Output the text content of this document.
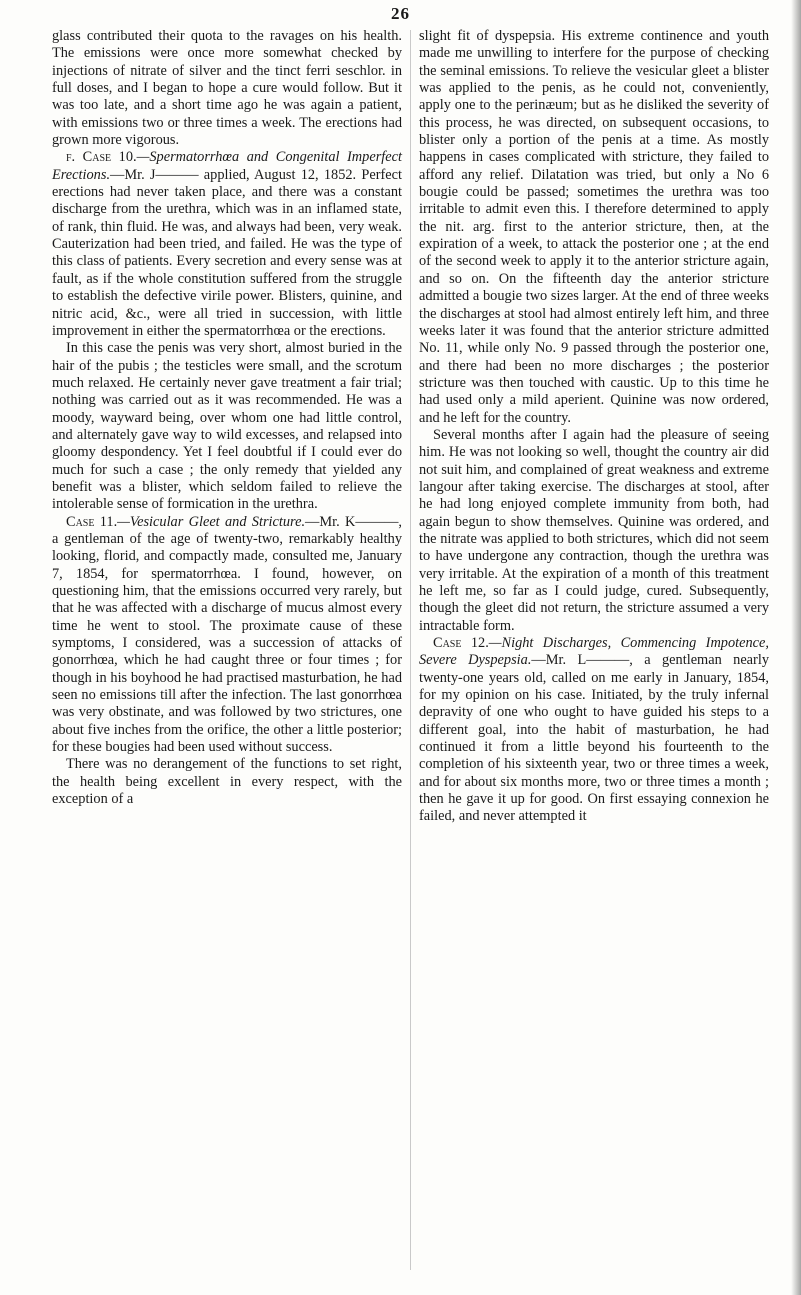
26

glass contributed their quota to the ravages on his health. The emissions were once more somewhat checked by injections of nitrate of silver and the tinct ferri seschlor. in full doses, and I began to hope a cure would follow. But it was too late, and a short time ago he was again a patient, with emissions two or three times a week. The erections had grown more vigorous.

f. Case 10.—Spermatorrhœa and Congenital Imperfect Erections.—Mr. J——— applied, August 12, 1852. Perfect erections had never taken place, and there was a constant discharge from the urethra, which was in an inflamed state, of rank, thin fluid. He was, and always had been, very weak. Cauterization had been tried, and failed. He was the type of this class of patients. Every secretion and every sense was at fault, as if the whole constitution suffered from the struggle to establish the defective virile power. Blisters, quinine, and nitric acid, &c., were all tried in succession, with little improvement in either the spermatorrhœa or the erections.

In this case the penis was very short, almost buried in the hair of the pubis ; the testicles were small, and the scrotum much relaxed. He certainly never gave treatment a fair trial; nothing was carried out as it was recommended. He was a moody, wayward being, over whom one had little control, and alternately gave way to wild excesses, and relapsed into gloomy despondency. Yet I feel doubtful if I could ever do much for such a case ; the only remedy that yielded any benefit was a blister, which seldom failed to relieve the intolerable sense of formication in the urethra.

Case 11.—Vesicular Gleet and Stricture.—Mr. K———, a gentleman of the age of twenty-two, remarkably healthy looking, florid, and compactly made, consulted me, January 7, 1854, for spermatorrhœa. I found, however, on questioning him, that the emissions occurred very rarely, but that he was affected with a discharge of mucus almost every time he went to stool. The proximate cause of these symptoms, I considered, was a succession of attacks of gonorrhœa, which he had caught three or four times ; for though in his boyhood he had practised masturbation, he had seen no emissions till after the infection. The last gonorrhœa was very obstinate, and was followed by two strictures, one about five inches from the orifice, the other a little posterior; for these bougies had been used without success.

There was no derangement of the functions to set right, the health being excellent in every respect, with the exception of a

slight fit of dyspepsia. His extreme continence and youth made me unwilling to interfere for the purpose of checking the seminal emissions. To relieve the vesicular gleet a blister was applied to the penis, as he could not, conveniently, apply one to the perinæum; but as he disliked the severity of this process, he was directed, on subsequent occasions, to blister only a portion of the penis at a time. As mostly happens in cases complicated with stricture, they failed to afford any relief. Dilatation was tried, but only a No 6 bougie could be passed; sometimes the urethra was too irritable to admit even this. I therefore determined to apply the nit. arg. first to the anterior stricture, then, at the expiration of a week, to attack the posterior one ; at the end of the second week to apply it to the anterior stricture again, and so on. On the fifteenth day the anterior stricture admitted a bougie two sizes larger. At the end of three weeks the discharges at stool had almost entirely left him, and three weeks later it was found that the anterior stricture admitted No. 11, while only No. 9 passed through the posterior one, and there had been no more discharges ; the posterior stricture was then touched with caustic. Up to this time he had used only a mild aperient. Quinine was now ordered, and he left for the country.

Several months after I again had the pleasure of seeing him. He was not looking so well, thought the country air did not suit him, and complained of great weakness and extreme langour after taking exercise. The discharges at stool, after he had long enjoyed complete immunity from both, had again begun to show themselves. Quinine was ordered, and the nitrate was applied to both strictures, which did not seem to have undergone any contraction, though the urethra was very irritable. At the expiration of a month of this treatment he left me, so far as I could judge, cured. Subsequently, though the gleet did not return, the stricture assumed a very intractable form.

Case 12.—Night Discharges, Commencing Impotence, Severe Dyspepsia.—Mr. L———, a gentleman nearly twenty-one years old, called on me early in January, 1854, for my opinion on his case. Initiated, by the truly infernal depravity of one who ought to have guided his steps to a different goal, into the habit of masturbation, he had continued it from a little beyond his fourteenth to the completion of his sixteenth year, two or three times a week, and for about six months more, two or three times a month ; then he gave it up for good. On first essaying connexion he failed, and never attempted it
